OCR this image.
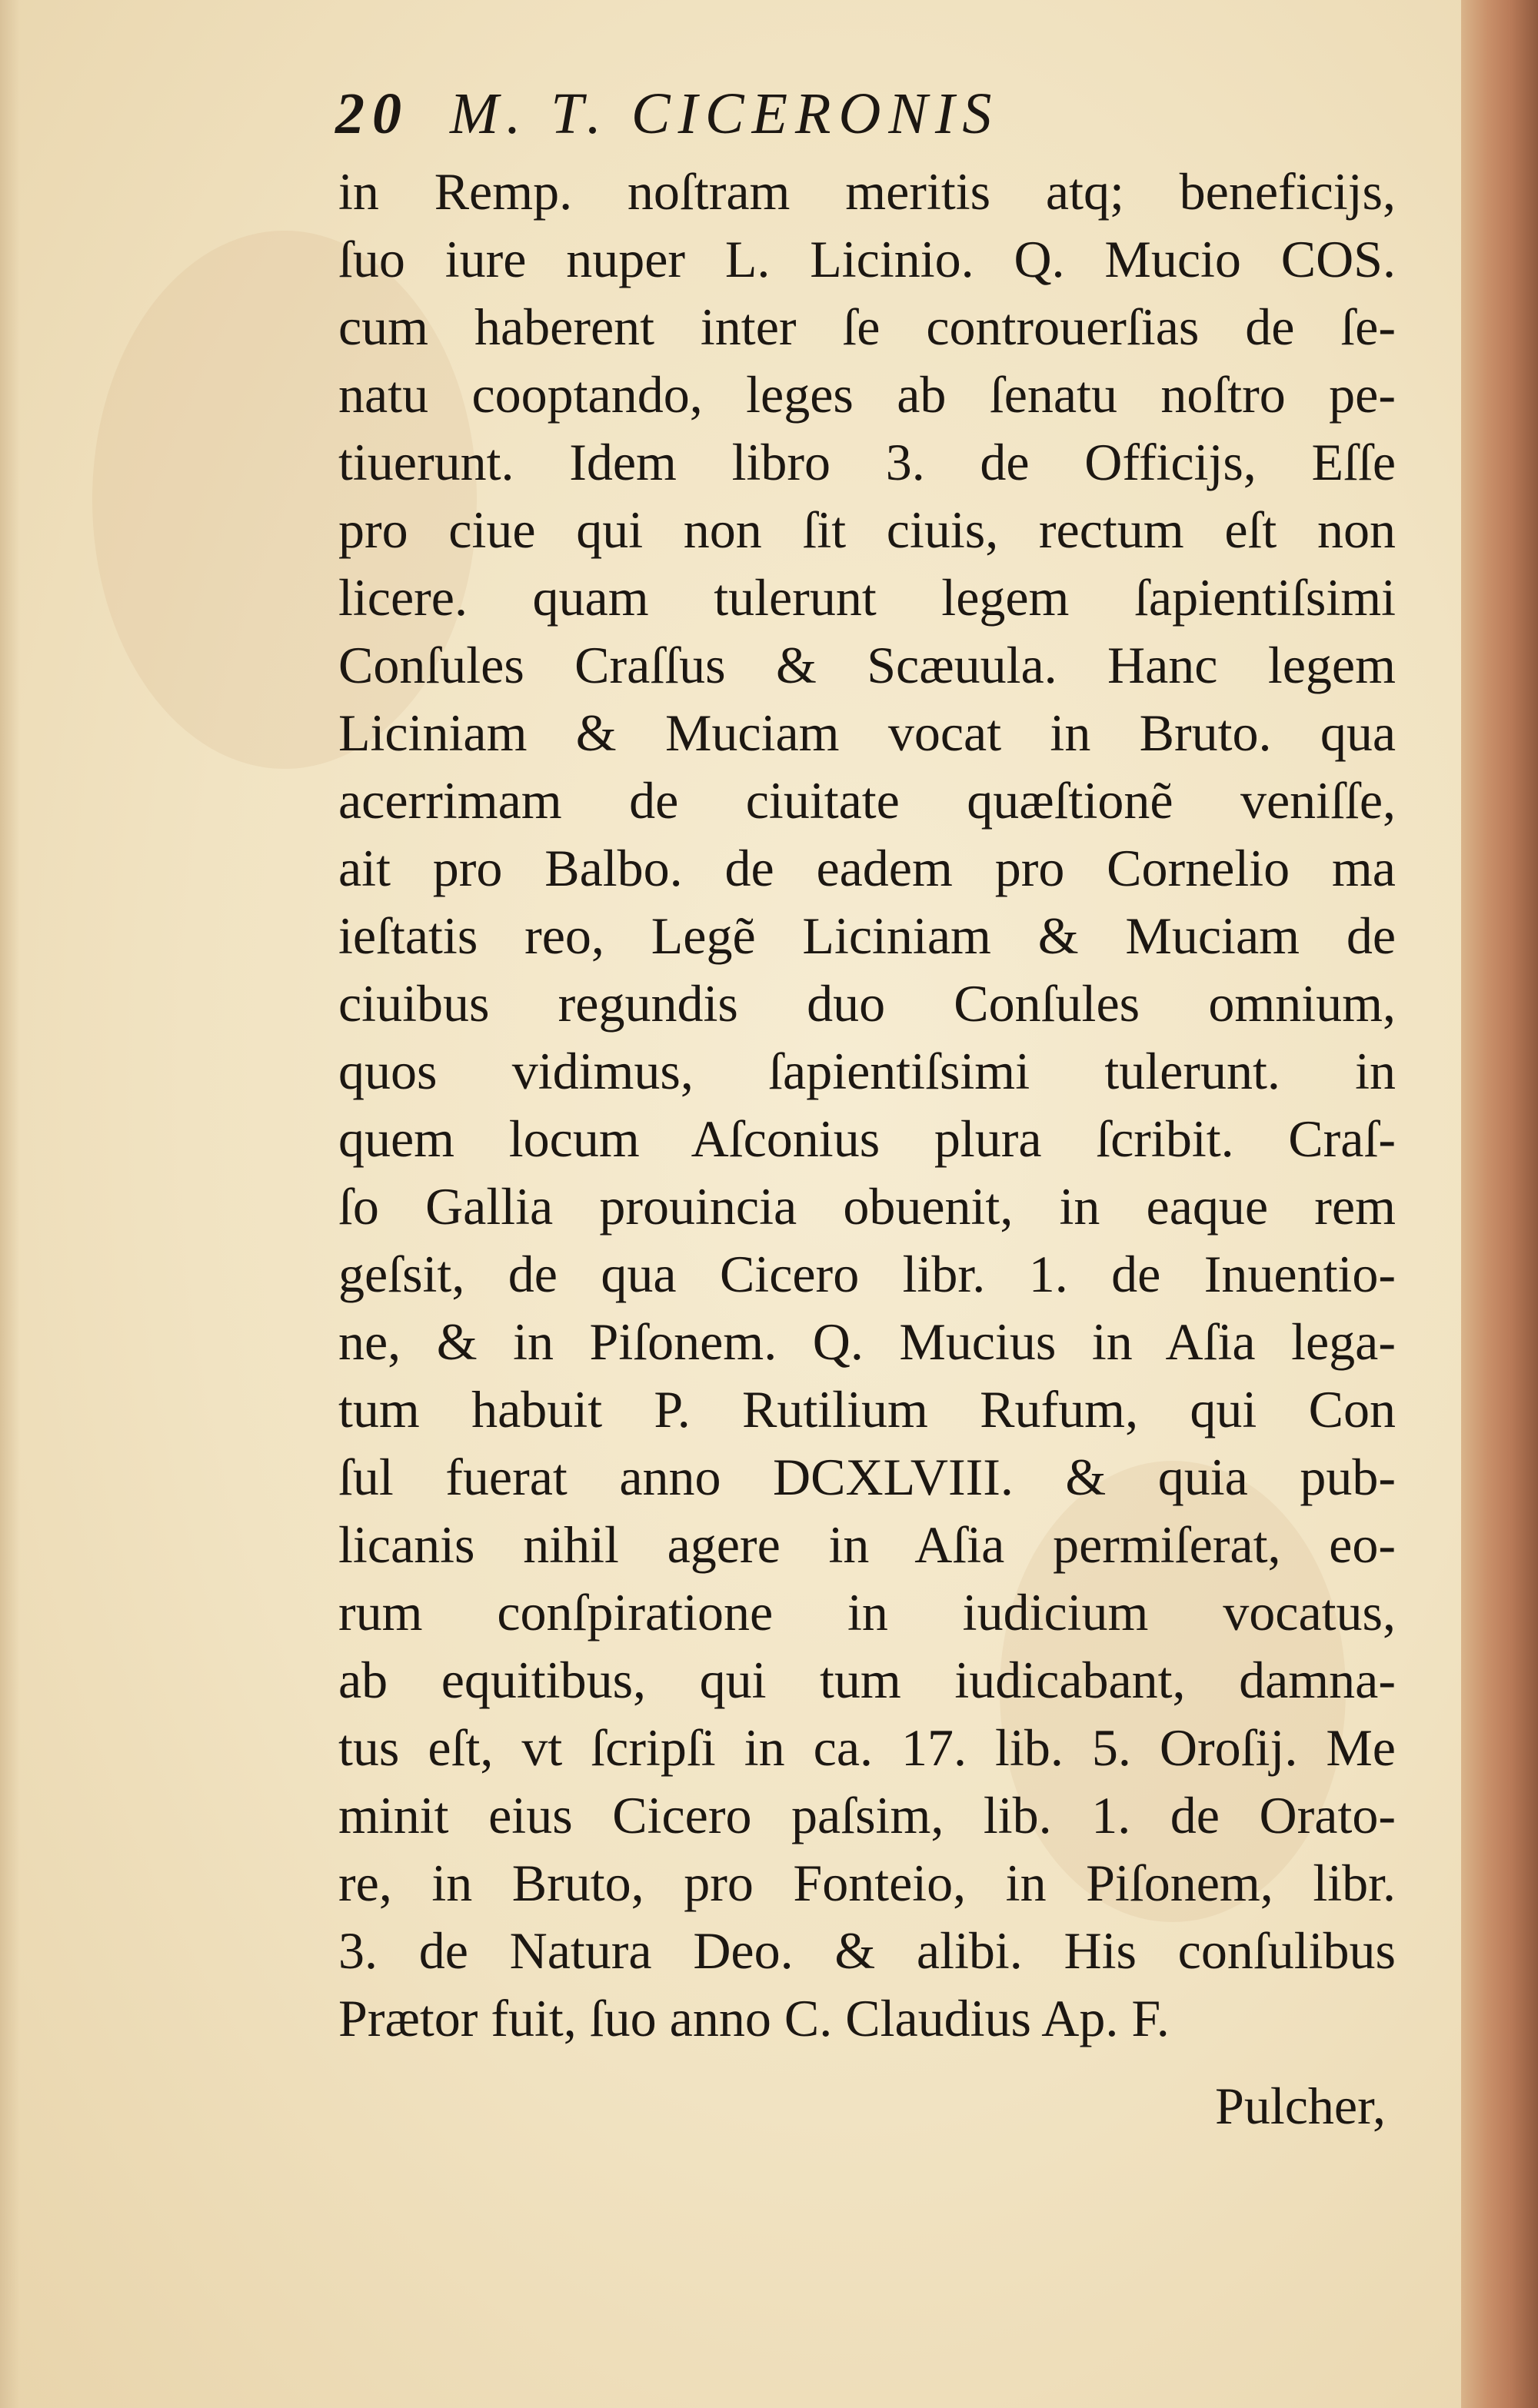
20 M. T. CICERONIS
in Remp. noſtram meritis atq; beneficijs,
ſuo iure nuper L. Licinio. Q. Mucio COS.
cum haberent inter ſe controuerſias de ſe-
natu cooptando, leges ab ſenatu noſtro pe-
tiuerunt. Idem libro 3. de Officijs, Eſſe
pro ciue qui non ſit ciuis, rectum eſt non
licere. quam tulerunt legem ſapientiſsimi
Conſules Craſſus & Scæuula. Hanc legem
Liciniam & Muciam vocat in Bruto. qua
acerrimam de ciuitate quæſtionẽ veniſſe,
ait pro Balbo. de eadem pro Cornelio ma
ieſtatis reo, Legẽ Liciniam & Muciam de
ciuibus regundis duo Conſules omnium,
quos vidimus, ſapientiſsimi tulerunt. in
quem locum Aſconius plura ſcribit. Craſ-
ſo Gallia prouincia obuenit, in eaque rem
geſsit, de qua Cicero libr. 1. de Inuentio-
ne, & in Piſonem. Q. Mucius in Aſia lega-
tum habuit P. Rutilium Rufum, qui Con
ſul fuerat anno DCXLVIII. & quia pub-
licanis nihil agere in Aſia permiſerat, eo-
rum conſpiratione in iudicium vocatus,
ab equitibus, qui tum iudicabant, damna-
tus eſt, vt ſcripſi in ca. 17. lib. 5. Oroſij. Me
minit eius Cicero paſsim, lib. 1. de Orato-
re, in Bruto, pro Fonteio, in Piſonem, libr.
3. de Natura Deo. & alibi. His conſulibus
Prætor fuit, ſuo anno C. Claudius Ap. F.
Pulcher,
